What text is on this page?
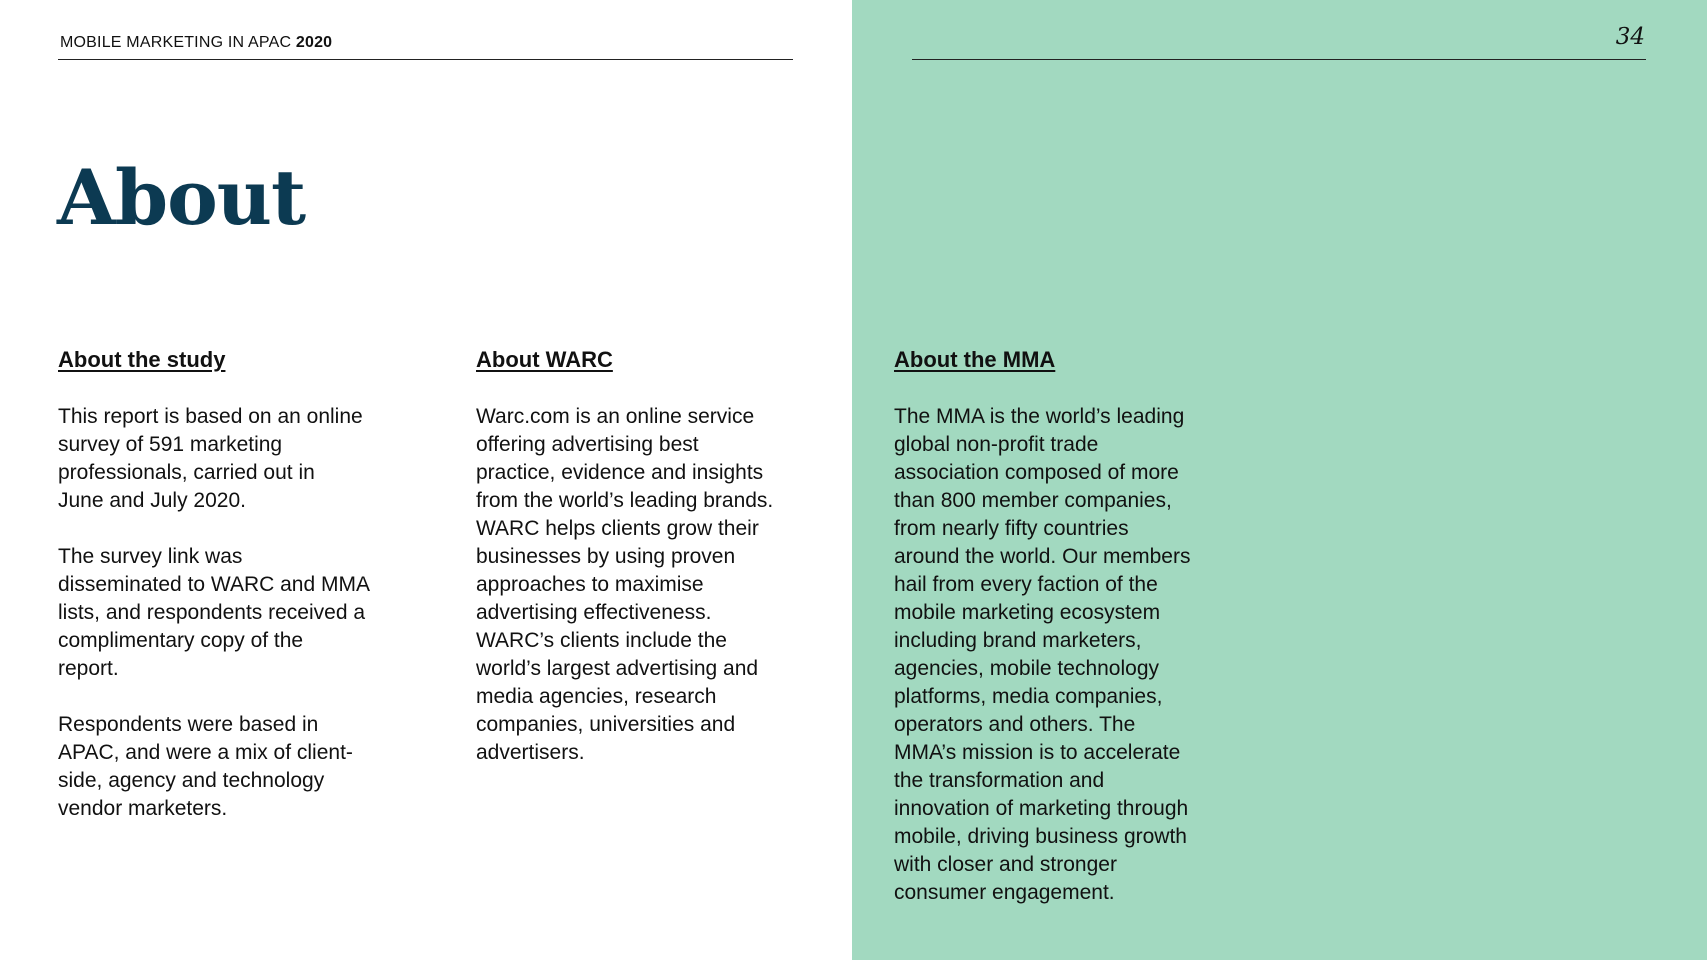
MOBILE MARKETING IN APAC 2020	34
About
About the study

This report is based on an online
survey of 591 marketing
professionals, carried out in
June and July 2020.

The survey link was
disseminated to WARC and MMA
lists, and respondents received a
complimentary copy of the
report.

Respondents were based in
APAC, and were a mix of client-
side, agency and technology
vendor marketers.

About WARC

Warc.com is an online service
offering advertising best
practice, evidence and insights
from the world’s leading brands.
WARC helps clients grow their
businesses by using proven
approaches to maximise
advertising effectiveness.
WARC’s clients include the
world’s largest advertising and
media agencies, research
companies, universities and
advertisers.

About the MMA

The MMA is the world’s leading
global non-profit trade
association composed of more
than 800 member companies,
from nearly fifty countries
around the world. Our members
hail from every faction of the
mobile marketing ecosystem
including brand marketers,
agencies, mobile technology
platforms, media companies,
operators and others. The
MMA’s mission is to accelerate
the transformation and
innovation of marketing through
mobile, driving business growth
with closer and stronger
consumer engagement.
